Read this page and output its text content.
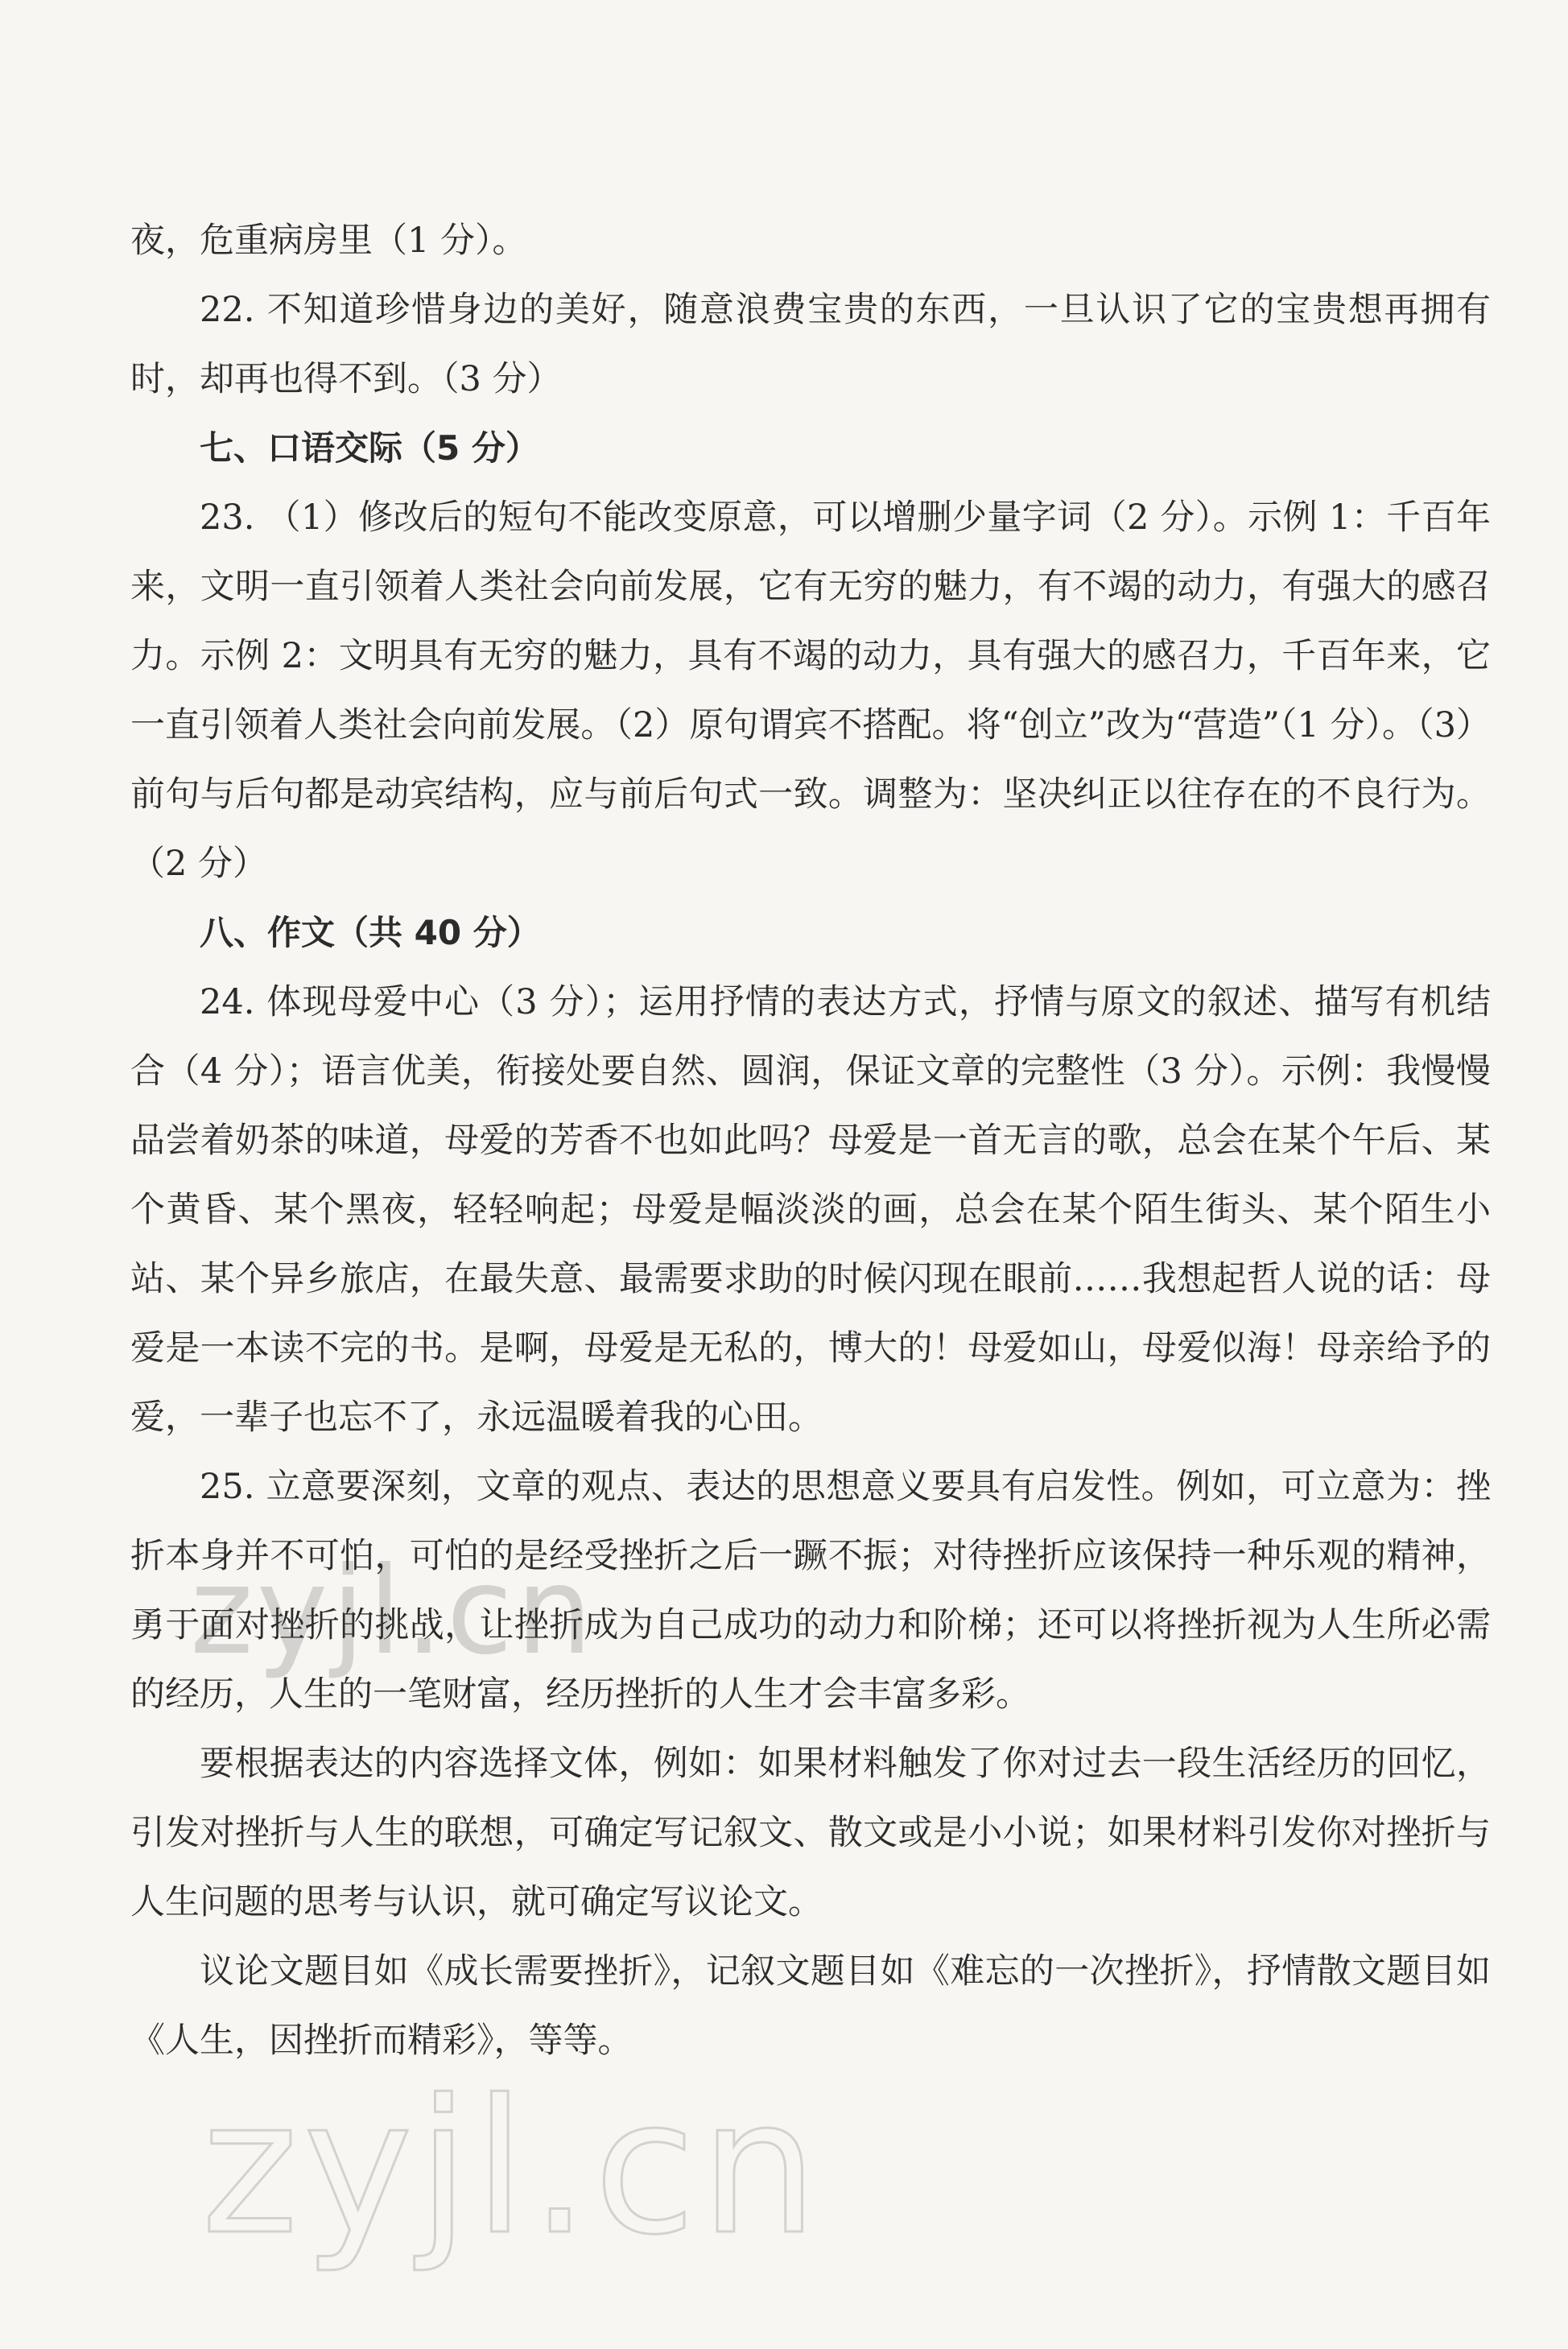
夜，危重病房里（1 分）。

22. 不知道珍惜身边的美好，随意浪费宝贵的东西，一旦认识了它的宝贵想再拥有时，却再也得不到。（3 分）

七、口语交际（5 分）

23. （1）修改后的短句不能改变原意，可以增删少量字词（2 分）。示例 1：千百年来，文明一直引领着人类社会向前发展，它有无穷的魅力，有不竭的动力，有强大的感召力。示例 2：文明具有无穷的魅力，具有不竭的动力，具有强大的感召力，千百年来，它一直引领着人类社会向前发展。（2）原句谓宾不搭配。将“创立”改为“营造”（1 分）。（3）前句与后句都是动宾结构，应与前后句式一致。调整为：坚决纠正以往存在的不良行为。（2 分）

八、作文（共 40 分）

24. 体现母爱中心（3 分）；运用抒情的表达方式，抒情与原文的叙述、描写有机结合（4 分）；语言优美，衔接处要自然、圆润，保证文章的完整性（3 分）。示例：我慢慢品尝着奶茶的味道，母爱的芳香不也如此吗？母爱是一首无言的歌，总会在某个午后、某个黄昏、某个黑夜，轻轻响起；母爱是幅淡淡的画，总会在某个陌生街头、某个陌生小站、某个异乡旅店，在最失意、最需要求助的时候闪现在眼前……我想起哲人说的话：母爱是一本读不完的书。是啊，母爱是无私的，博大的！母爱如山，母爱似海！母亲给予的爱，一辈子也忘不了，永远温暖着我的心田。

25. 立意要深刻，文章的观点、表达的思想意义要具有启发性。例如，可立意为：挫折本身并不可怕，可怕的是经受挫折之后一蹶不振；对待挫折应该保持一种乐观的精神，勇于面对挫折的挑战，让挫折成为自己成功的动力和阶梯；还可以将挫折视为人生所必需的经历，人生的一笔财富，经历挫折的人生才会丰富多彩。

要根据表达的内容选择文体，例如：如果材料触发了你对过去一段生活经历的回忆，引发对挫折与人生的联想，可确定写记叙文、散文或是小小说；如果材料引发你对挫折与人生问题的思考与认识，就可确定写议论文。

议论文题目如《成长需要挫折》，记叙文题目如《难忘的一次挫折》，抒情散文题目如《人生，因挫折而精彩》，等等。

zyjl.cn
zyjl.cn
